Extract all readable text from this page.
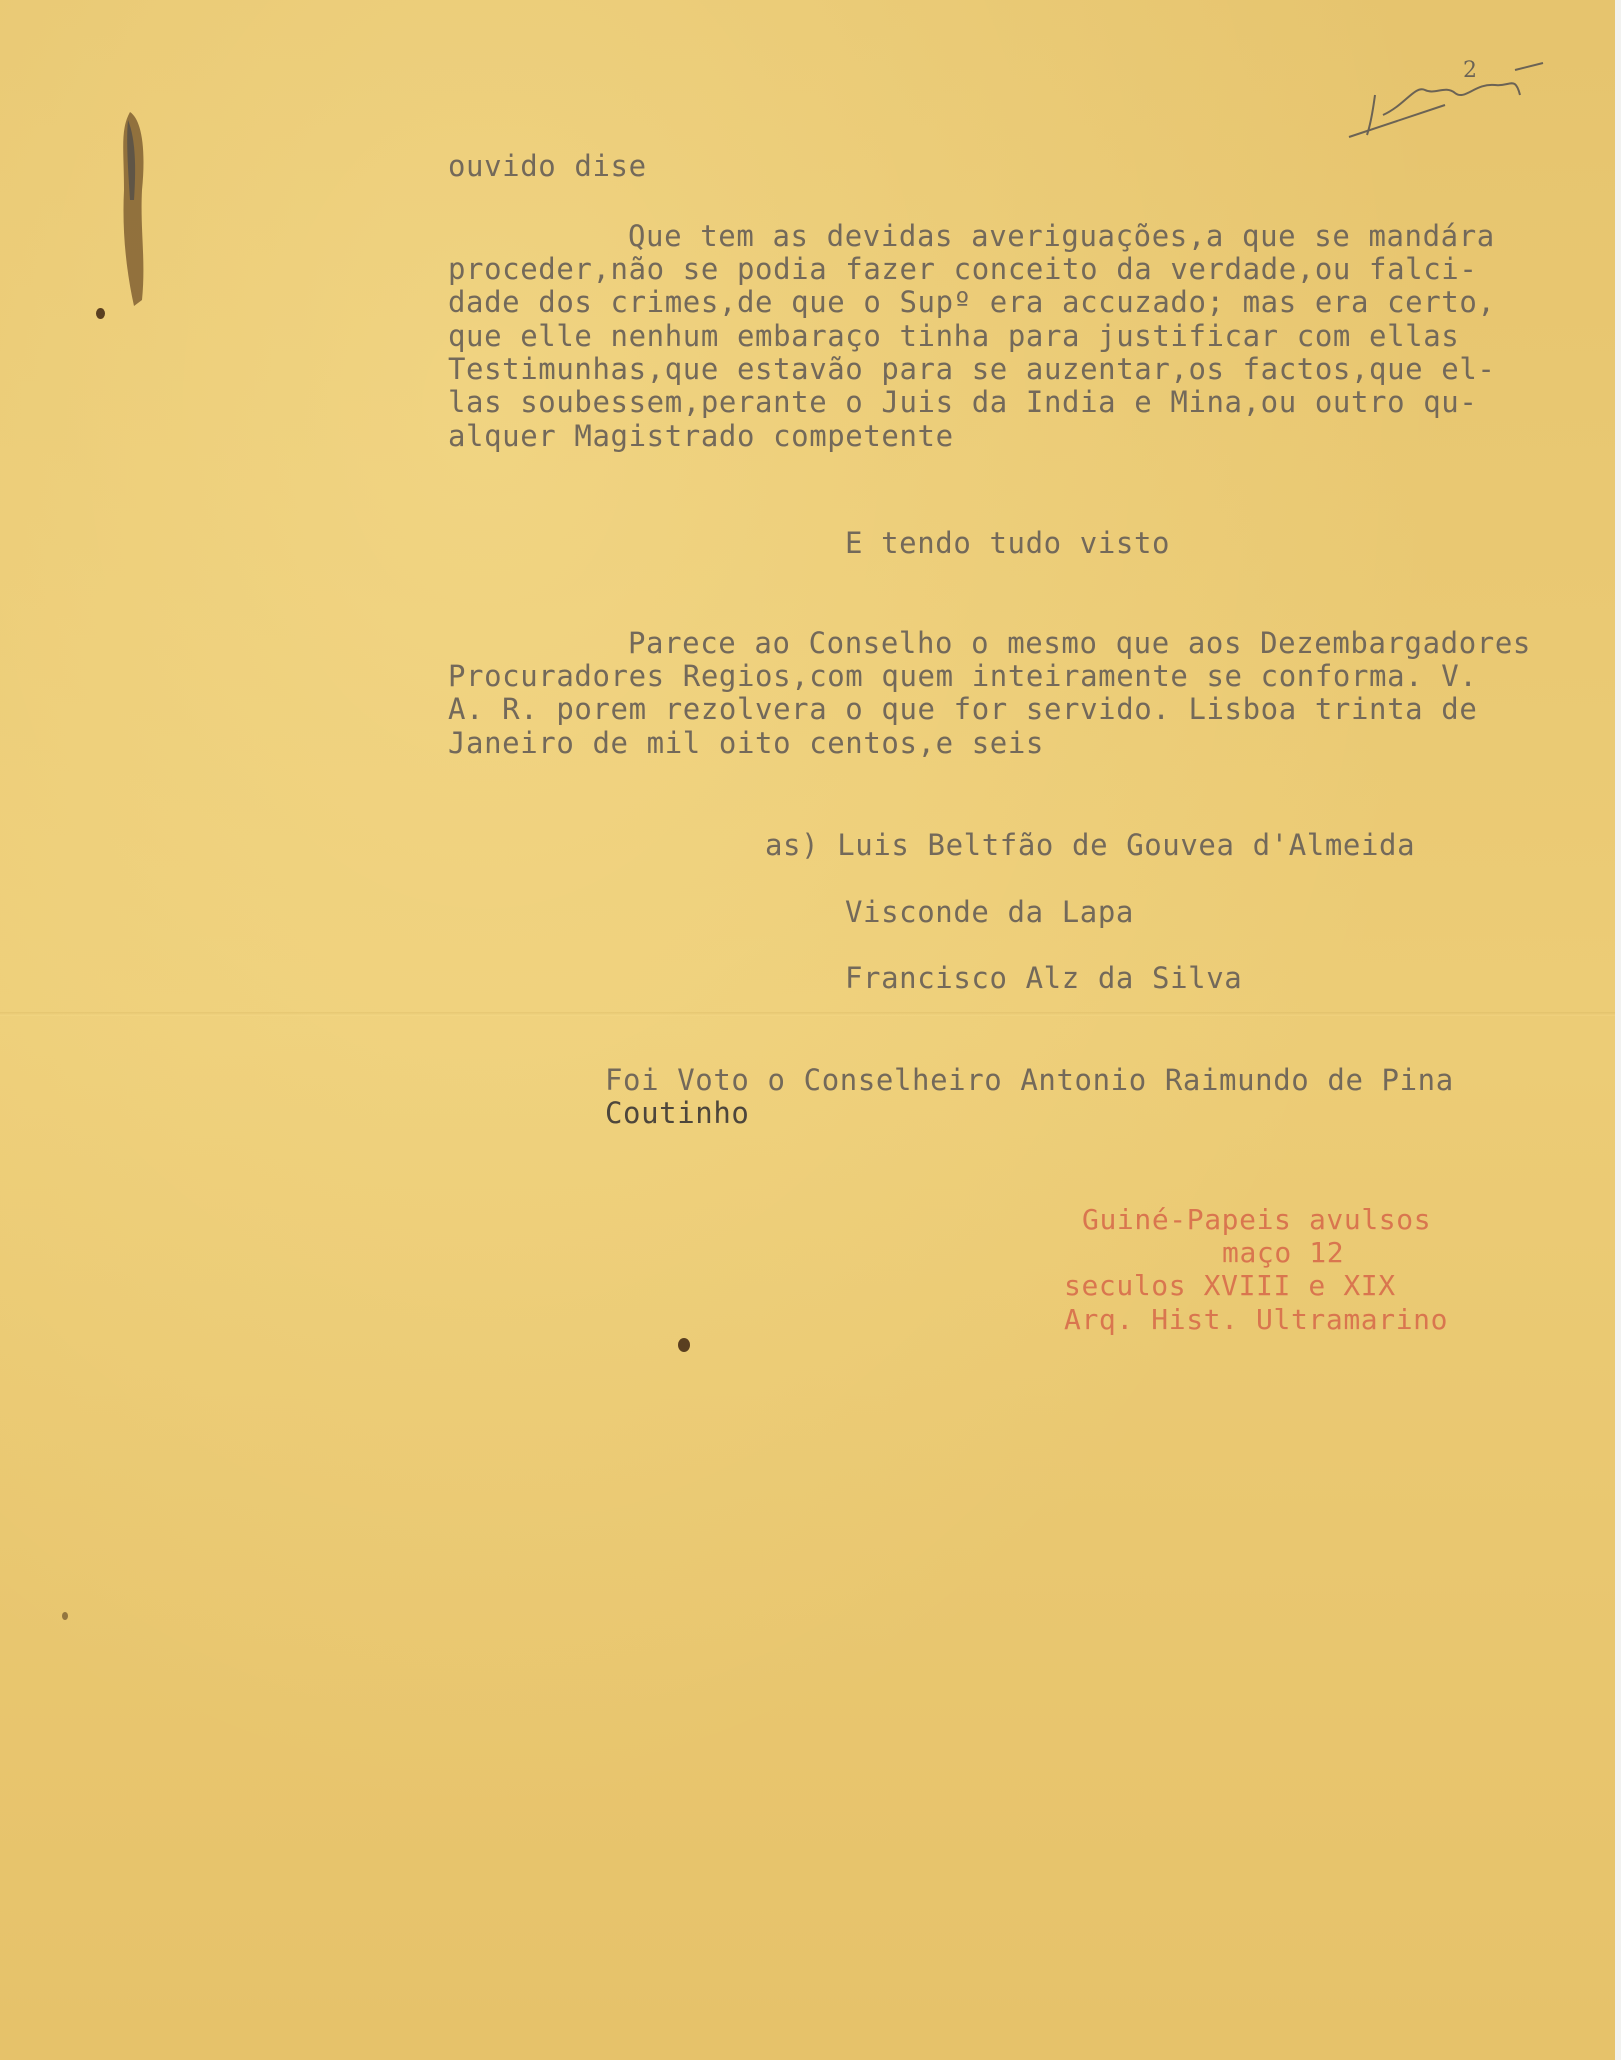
2

ouvido dise

Que tem as devidas averiguações,a que se mandára

proceder,não se podia fazer conceito da verdade,ou falci-

dade dos crimes,de que o Supº era accuzado; mas era certo,

que elle nenhum embaraço tinha para justificar com ellas

Testimunhas,que estavão para se auzentar,os factos,que el-

las soubessem,perante o Juis da India e Mina,ou outro qu-

alquer Magistrado competente

E tendo tudo visto

Parece ao Conselho o mesmo que aos Dezembargadores

Procuradores Regios,com quem inteiramente se conforma. V.

A. R. porem rezolvera o que for servido. Lisboa trinta de

Janeiro de mil oito centos,e seis

as) Luis Beltfão de Gouvea d'Almeida

Visconde da Lapa

Francisco Alz da Silva

Foi Voto o Conselheiro Antonio Raimundo de Pina

Coutinho

Guiné-Papeis avulsos

maço 12

seculos XVIII e XIX

Arq. Hist. Ultramarino
